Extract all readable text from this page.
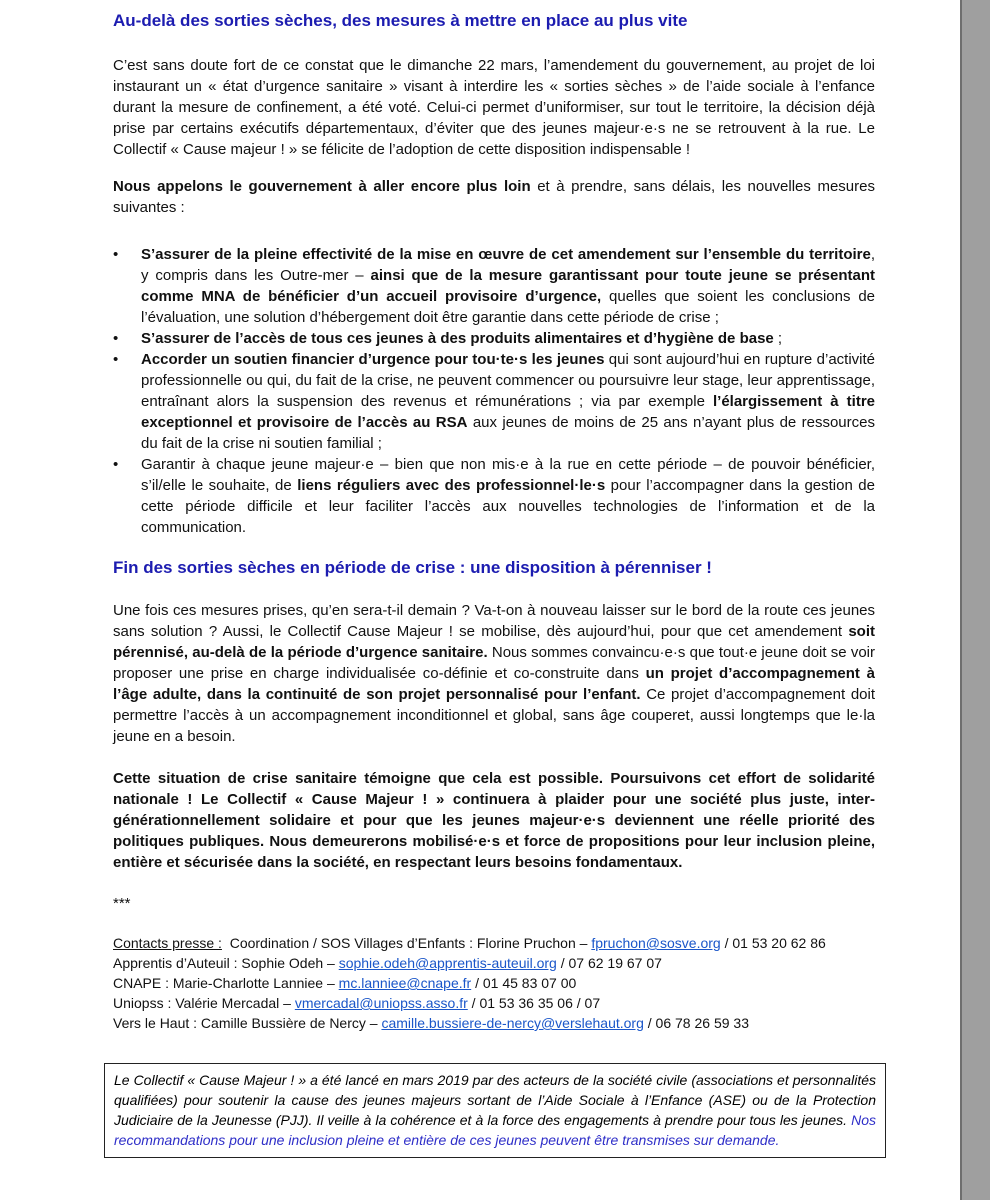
Au-delà des sorties sèches, des mesures à mettre en place au plus vite

C’est sans doute fort de ce constat que le dimanche 22 mars, l’amendement du gouvernement, au projet de loi instaurant un « état d’urgence sanitaire » visant à interdire les « sorties sèches » de l’aide sociale à l’enfance durant la mesure de confinement, a été voté. Celui-ci permet d’uniformiser, sur tout le territoire, la décision déjà prise par certains exécutifs départementaux, d’éviter que des jeunes majeur·e·s ne se retrouvent à la rue. Le Collectif « Cause majeur ! » se félicite de l’adoption de cette disposition indispensable !

Nous appelons le gouvernement à aller encore plus loin et à prendre, sans délais, les nouvelles mesures suivantes :

• S’assurer de la pleine effectivité de la mise en œuvre de cet amendement sur l’ensemble du territoire, y compris dans les Outre-mer – ainsi que de la mesure garantissant pour toute jeune se présentant comme MNA de bénéficier d’un accueil provisoire d’urgence, quelles que soient les conclusions de l’évaluation, une solution d’hébergement doit être garantie dans cette période de crise ;
• S’assurer de l’accès de tous ces jeunes à des produits alimentaires et d’hygiène de base ;
• Accorder un soutien financier d’urgence pour tou·te·s les jeunes qui sont aujourd’hui en rupture d’activité professionnelle ou qui, du fait de la crise, ne peuvent commencer ou poursuivre leur stage, leur apprentissage, entraînant alors la suspension des revenus et rémunérations ; via par exemple l’élargissement à titre exceptionnel et provisoire de l’accès au RSA aux jeunes de moins de 25 ans n’ayant plus de ressources du fait de la crise ni soutien familial ;
• Garantir à chaque jeune majeur·e – bien que non mis·e à la rue en cette période – de pouvoir bénéficier, s’il/elle le souhaite, de liens réguliers avec des professionnel·le·s pour l’accompagner dans la gestion de cette période difficile et leur faciliter l’accès aux nouvelles technologies de l’information et de la communication.
Fin des sorties sèches en période de crise : une disposition à pérenniser !

Une fois ces mesures prises, qu’en sera-t-il demain ? Va-t-on à nouveau laisser sur le bord de la route ces jeunes sans solution ? Aussi, le Collectif Cause Majeur ! se mobilise, dès aujourd’hui, pour que cet amendement soit pérennisé, au-delà de la période d’urgence sanitaire. Nous sommes convaincu·e·s que tout·e jeune doit se voir proposer une prise en charge individualisée co-définie et co-construite dans un projet d’accompagnement à l’âge adulte, dans la continuité de son projet personnalisé pour l’enfant. Ce projet d’accompagnement doit permettre l’accès à un accompagnement inconditionnel et global, sans âge couperet, aussi longtemps que le·la jeune en a besoin.

Cette situation de crise sanitaire témoigne que cela est possible. Poursuivons cet effort de solidarité nationale ! Le Collectif « Cause Majeur ! » continuera à plaider pour une société plus juste, inter-générationnellement solidaire et pour que les jeunes majeur·e·s deviennent une réelle priorité des politiques publiques. Nous demeurerons mobilisé·e·s et force de propositions pour leur inclusion pleine, entière et sécurisée dans la société, en respectant leurs besoins fondamentaux.

***
Contacts presse :  Coordination / SOS Villages d’Enfants : Florine Pruchon – fpruchon@sosve.org / 01 53 20 62 86
Apprentis d’Auteuil : Sophie Odeh – sophie.odeh@apprentis-auteuil.org / 07 62 19 67 07
CNAPE : Marie-Charlotte Lanniee – mc.lanniee@cnape.fr / 01 45 83 07 00
Uniopss : Valérie Mercadal – vmercadal@uniopss.asso.fr / 01 53 36 35 06 / 07
Vers le Haut : Camille Bussière de Nercy – camille.bussiere-de-nercy@verslehaut.org / 06 78 26 59 33
Le Collectif « Cause Majeur ! » a été lancé en mars 2019 par des acteurs de la société civile (associations et personnalités qualifiées) pour soutenir la cause des jeunes majeurs sortant de l’Aide Sociale à l’Enfance (ASE) ou de la Protection Judiciaire de la Jeunesse (PJJ). Il veille à la cohérence et à la force des engagements à prendre pour tous les jeunes. Nos recommandations pour une inclusion pleine et entière de ces jeunes peuvent être transmises sur demande.
